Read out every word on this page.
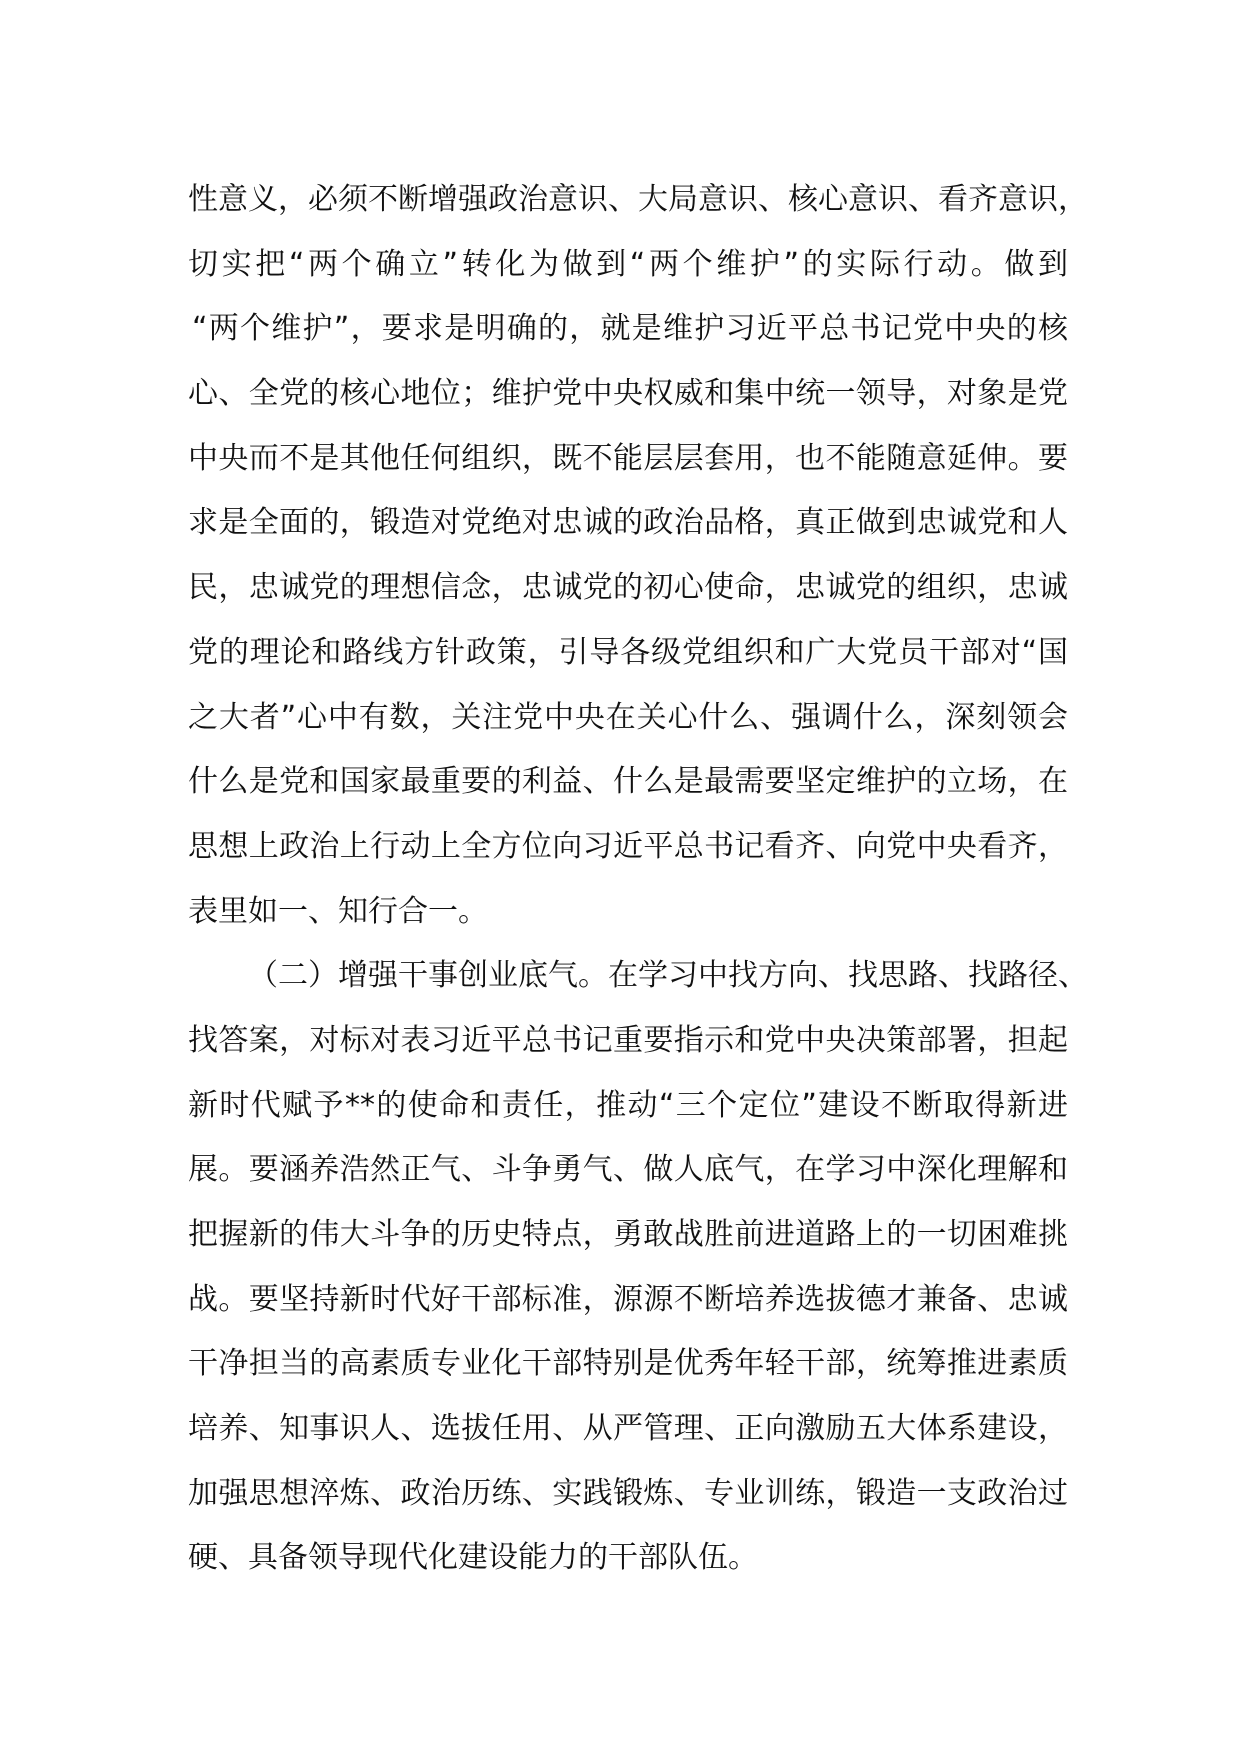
性意义，必须不断增强政治意识、大局意识、核心意识、看齐意识，
切实把“两个确立”转化为做到“两个维护”的实际行动。做到
“两个维护”，要求是明确的，就是维护习近平总书记党中央的核
心、全党的核心地位；维护党中央权威和集中统一领导，对象是党
中央而不是其他任何组织，既不能层层套用，也不能随意延伸。要
求是全面的，锻造对党绝对忠诚的政治品格，真正做到忠诚党和人
民，忠诚党的理想信念，忠诚党的初心使命，忠诚党的组织，忠诚
党的理论和路线方针政策，引导各级党组织和广大党员干部对“国
之大者”心中有数，关注党中央在关心什么、强调什么，深刻领会
什么是党和国家最重要的利益、什么是最需要坚定维护的立场，在
思想上政治上行动上全方位向习近平总书记看齐、向党中央看齐，
表里如一、知行合一。
（二）增强干事创业底气。在学习中找方向、找思路、找路径、
找答案，对标对表习近平总书记重要指示和党中央决策部署，担起
新时代赋予**的使命和责任，推动“三个定位”建设不断取得新进
展。要涵养浩然正气、斗争勇气、做人底气，在学习中深化理解和
把握新的伟大斗争的历史特点，勇敢战胜前进道路上的一切困难挑
战。要坚持新时代好干部标准，源源不断培养选拔德才兼备、忠诚
干净担当的高素质专业化干部特别是优秀年轻干部，统筹推进素质
培养、知事识人、选拔任用、从严管理、正向激励五大体系建设，
加强思想淬炼、政治历练、实践锻炼、专业训练，锻造一支政治过
硬、具备领导现代化建设能力的干部队伍。
